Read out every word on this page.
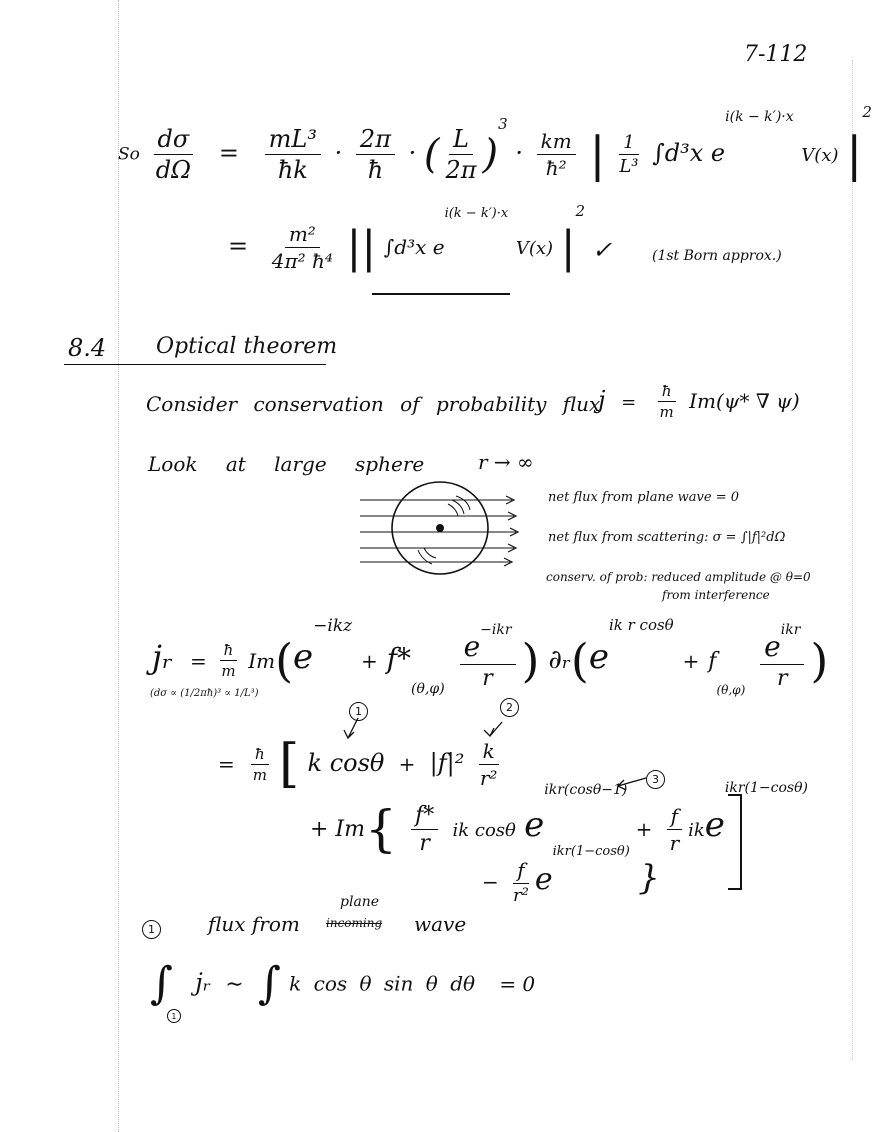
7-112
So $\frac{d\sigma}{d\Omega} = \frac{\text{mL³}}{ħk} \cdot \frac{2\pi}{ħ}$ · ( $\frac{L}{2\pi} )^3 \cdot \frac{km}{\text{ħ²}}$ | $\frac{1}{\text{L³}} \int d^3x$ $e^{i(k - k')\cdot x}$ V(x) $|^2$
= $\frac{\text{m²}}{\text{4π² ħ⁴}}$ || ∫d³x $e^{i(k - k')\cdot x}$ V(x) $|^2$
✓	(1st Born approx.)
8.4 Optical theorem
Consider conservation of probability flux
$j = \frac{ħ}{m} Im(\psi*$ ∇ ψ)
Look at large sphere	r → ∞
net flux from plane wave = 0
net flux from scattering: σ = ∫|f|²dΩ
conserv. of prob: reduced amplitude @ θ=0
from interference
jᵣ = $\frac{ħ}{m} Im(e^{-ikz} + f*_{(\theta,\varphi)} \frac{e^{-ikr}}{r}$ ) $\partial ᵣ(e^{ik r cos\theta} + f_{(\theta,\varphi)} \frac{e^{ikr}}{r}$ )
(dσ ∝ (1/2πħ)³ ∝ 1/L³)
1	2
= $\frac{ħ}{m}$ [ k $\cos\theta + |f|^2 \frac{k}{\text{r²}}$	3
+ $Im\{ \frac{f*}{r}$ ik cosθ $e^{ikr(cos\theta-1)} + \frac{f}{r} ike^{ikr(1-cos\theta)}$
− $\frac{f}{\text{r²}} e^{ikr(1-cos\theta)}$ }
1	flux from incoming
plane
wave
$\int_1$ jᵣ ∼ ∫ k cos θ sin θ dθ = 0
